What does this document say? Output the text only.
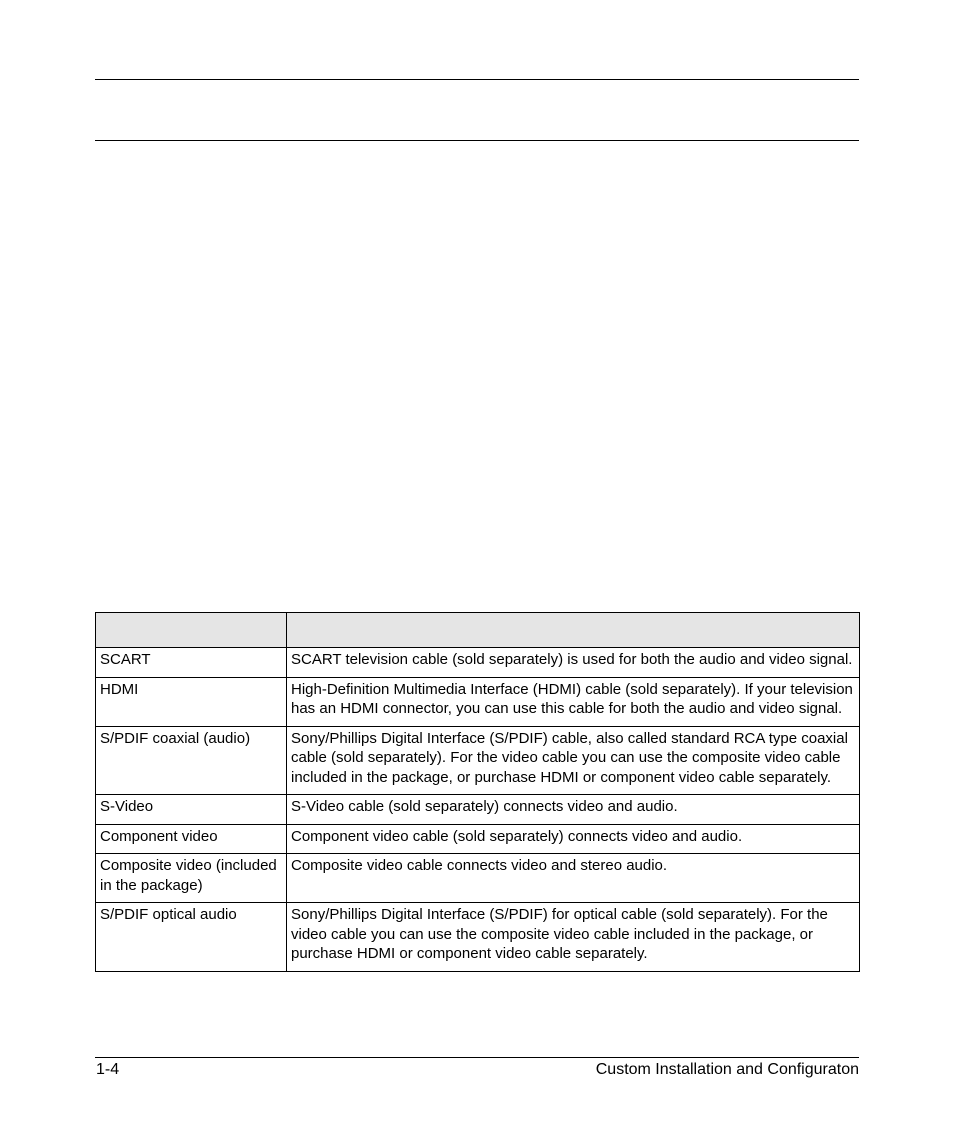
SCART	SCART television cable (sold separately) is used for both the audio and video signal.
HDMI	High-Definition Multimedia Interface (HDMI) cable (sold separately). If your television has an HDMI connector, you can use this cable for both the audio and video signal.
S/PDIF coaxial (audio)	Sony/Phillips Digital Interface (S/PDIF) cable, also called standard RCA type coaxial cable (sold separately). For the video cable you can use the composite video cable included in the package, or purchase HDMI or component video cable separately.
S-Video	S-Video cable (sold separately) connects video and audio.
Component video	Component video cable (sold separately) connects video and audio.
Composite video (included in the package)	Composite video cable connects video and stereo audio.
S/PDIF optical audio	Sony/Phillips Digital Interface (S/PDIF) for optical cable (sold separately). For the video cable you can use the composite video cable included in the package, or purchase HDMI or component video cable separately.
1-4	Custom Installation and Configuraton
